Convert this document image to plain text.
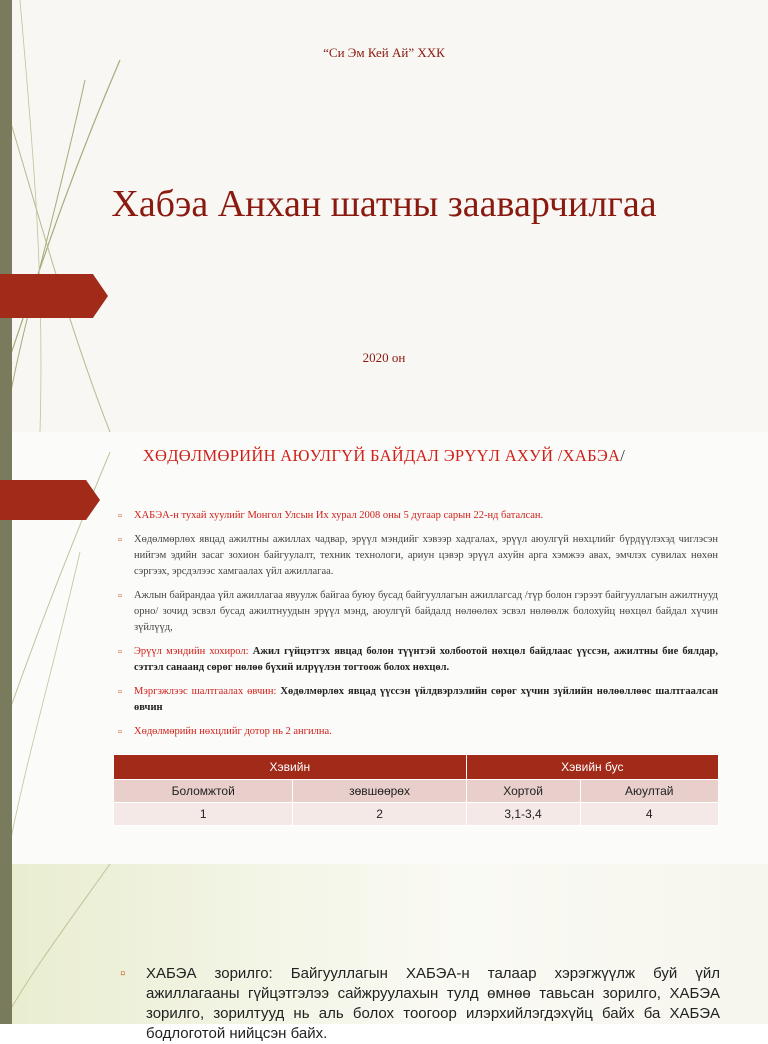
“Си Эм Кей Ай” ХХК
Хабэа Анхан шатны зааварчилгаа
2020 он
ХӨДӨЛМӨРИЙН АЮУЛГҮЙ БАЙДАЛ ЭРҮҮЛ АХУЙ /ХАБЭА/
▫ ХАБЭА-н тухай хуулийг Монгол Улсын Их хурал 2008 оны 5 дугаар сарын 22-нд баталсан.
▫ Хөдөлмөрлөх явцад ажилтны ажиллах чадвар, эрүүл мэндийг хэвээр хадгалах, эрүүл аюулгүй нөхцлийг бүрдүүлэхэд чиглэсэн нийгэм эдийн засаг зохион байгуулалт, техник технологи, ариун цэвэр эрүүл ахуйн арга хэмжээ авах, эмчлэх сувилах нөхөн сэргээх, эрсдэлээс хамгаалах үйл ажиллагаа.
▫ Ажлын байрандаа үйл ажиллагаа явуулж байгаа буюу бусад байгууллагын ажиллагсад /түр болон гэрээт байгууллагын ажилтнууд орно/ зочид эсвэл бусад ажилтнуудын эрүүл мэнд, аюулгүй байдалд нөлөөлөх эсвэл нөлөөлж болохуйц нөхцөл байдал хүчин зүйлүүд,
▫ Эрүүл мэндийн хохирол: Ажил гүйцэтгэх явцад болон түүнтэй холбоотой нөхцөл байдлаас үүссэн, ажилтны бие бялдар, сэтгэл санаанд сөрөг нөлөө бүхий илрүүлэн тогтоож болох нөхцөл.
▫ Мэргэжлээс шалтгаалах өвчин: Хөдөлмөрлөх явцад үүссэн үйлдвэрлэлийн сөрөг хүчин зүйлийн нөлөөллөөс шалтгаалсан өвчин
▫ Хөдөлмөрийн нөхцлийг дотор нь 2 ангилна.
Хэвийн		Хэвийн бус	
Боломжтой	зөвшөөрөх	Хортой	Аюултай
1	2	3,1-3,4	4
▫ ХАБЭА зорилго: Байгууллагын ХАБЭА-н талаар хэрэгжүүлж буй үйл ажиллагааны гүйцэтгэлээ сайжруулахын тулд өмнөө тавьсан зорилго, ХАБЭА зорилго, зорилтууд нь аль болох тоогоор илэрхийлэгдэхүйц байх ба ХАБЭА бодлоготой нийцсэн байх.
